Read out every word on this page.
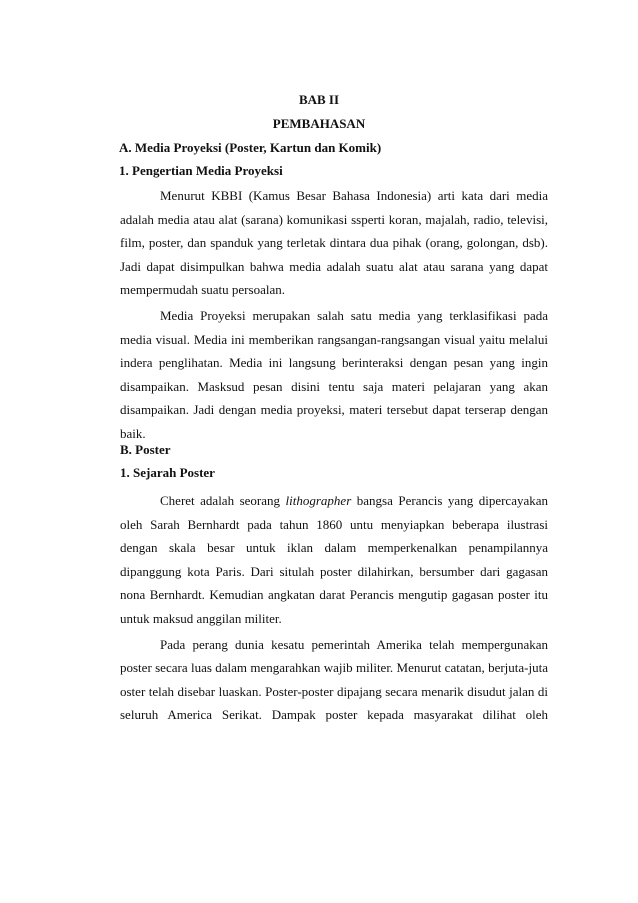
BAB II
PEMBAHASAN
A. Media Proyeksi (Poster, Kartun dan Komik)
1. Pengertian Media Proyeksi

Menurut KBBI (Kamus Besar Bahasa Indonesia) arti kata dari media adalah media atau alat (sarana) komunikasi ssperti koran, majalah, radio, televisi, film, poster, dan spanduk yang terletak dintara dua pihak (orang, golongan, dsb). Jadi dapat disimpulkan bahwa media adalah suatu alat atau sarana yang dapat mempermudah suatu persoalan.

Media Proyeksi merupakan salah satu media yang terklasifikasi pada media visual. Media ini memberikan rangsangan-rangsangan visual yaitu melalui indera penglihatan. Media ini langsung berinteraksi dengan pesan yang ingin disampaikan. Masksud pesan disini tentu saja materi pelajaran yang akan disampaikan. Jadi dengan media proyeksi, materi tersebut dapat terserap dengan baik.

B. Poster
1. Sejarah Poster

Cheret adalah seorang lithographer bangsa Perancis yang dipercayakan oleh Sarah Bernhardt pada tahun 1860 untu menyiapkan beberapa ilustrasi dengan skala besar untuk iklan dalam memperkenalkan penampilannya dipanggung kota Paris. Dari situlah poster dilahirkan, bersumber dari gagasan nona Bernhardt. Kemudian angkatan darat Perancis mengutip gagasan poster itu untuk maksud anggilan militer.

Pada perang dunia kesatu pemerintah Amerika telah mempergunakan poster secara luas dalam mengarahkan wajib militer. Menurut catatan, berjuta-juta oster telah disebar luaskan. Poster-poster dipajang secara menarik disudut jalan di seluruh America Serikat. Dampak poster kepada masyarakat dilihat oleh
